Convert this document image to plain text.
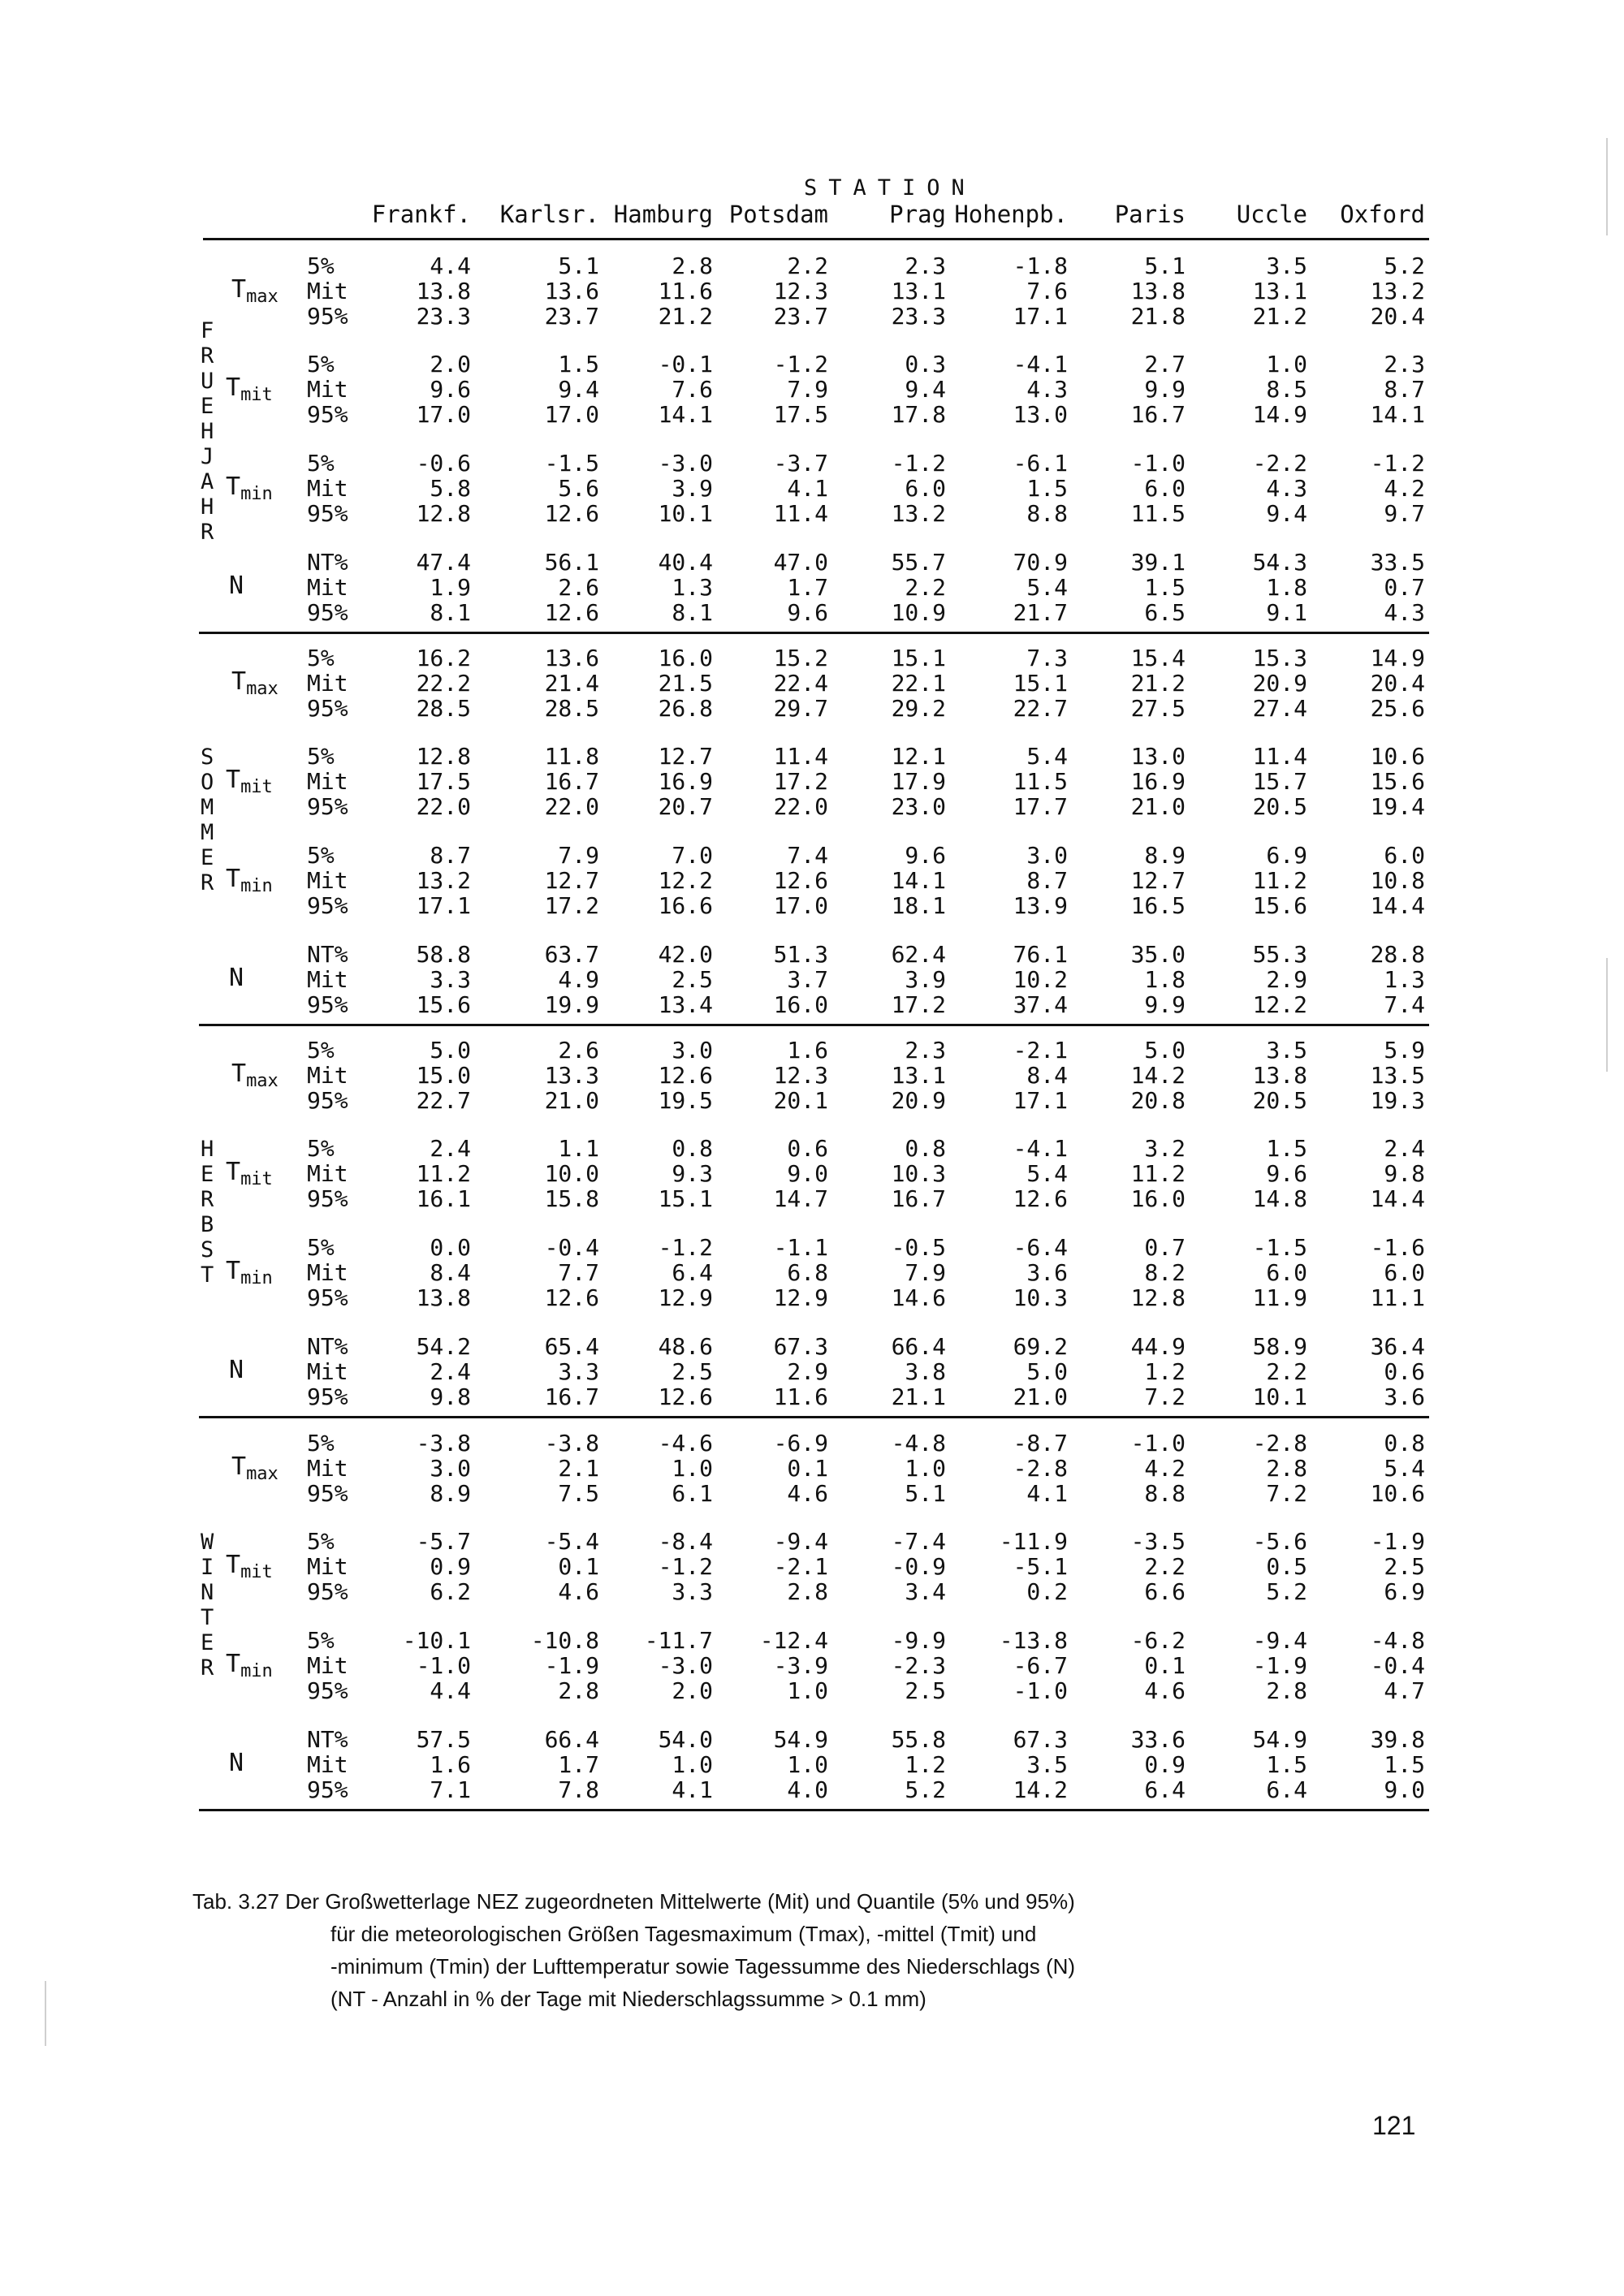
STATION
Frankf.	Karlsr. Hamburg Potsdam	Prag Hohenpb.	Paris	Uccle	Oxford
F
R
U
E
H
J
A
H
R
$T_{max}$
5%	4.4	5.1	2.8	2.2	2.3	-1.8	5.1	3.5	5.2
Mit	13.8	13.6	11.6	12.3	13.1	7.6	13.8	13.1	13.2
95%	23.3	23.7	21.2	23.7	23.3	17.1	21.8	21.2	20.4
$T_{mit}$
5%	2.0	1.5	-0.1	-1.2	0.3	-4.1	2.7	1.0	2.3
Mit	9.6	9.4	7.6	7.9	9.4	4.3	9.9	8.5	8.7
95%	17.0	17.0	14.1	17.5	17.8	13.0	16.7	14.9	14.1
$T_{min}$
5%	-0.6	-1.5	-3.0	-3.7	-1.2	-6.1	-1.0	-2.2	-1.2
Mit	5.8	5.6	3.9	4.1	6.0	1.5	6.0	4.3	4.2
95%	12.8	12.6	10.1	11.4	13.2	8.8	11.5	9.4	9.7
N
NT%	47.4	56.1	40.4	47.0	55.7	70.9	39.1	54.3	33.5
Mit	1.9	2.6	1.3	1.7	2.2	5.4	1.5	1.8	0.7
95%	8.1	12.6	8.1	9.6	10.9	21.7	6.5	9.1	4.3
S
O
M
M
E
R
$T_{max}$
5%	16.2	13.6	16.0	15.2	15.1	7.3	15.4	15.3	14.9
Mit	22.2	21.4	21.5	22.4	22.1	15.1	21.2	20.9	20.4
95%	28.5	28.5	26.8	29.7	29.2	22.7	27.5	27.4	25.6
$T_{mit}$
5%	12.8	11.8	12.7	11.4	12.1	5.4	13.0	11.4	10.6
Mit	17.5	16.7	16.9	17.2	17.9	11.5	16.9	15.7	15.6
95%	22.0	22.0	20.7	22.0	23.0	17.7	21.0	20.5	19.4
$T_{min}$
5%	8.7	7.9	7.0	7.4	9.6	3.0	8.9	6.9	6.0
Mit	13.2	12.7	12.2	12.6	14.1	8.7	12.7	11.2	10.8
95%	17.1	17.2	16.6	17.0	18.1	13.9	16.5	15.6	14.4
N
NT%	58.8	63.7	42.0	51.3	62.4	76.1	35.0	55.3	28.8
Mit	3.3	4.9	2.5	3.7	3.9	10.2	1.8	2.9	1.3
95%	15.6	19.9	13.4	16.0	17.2	37.4	9.9	12.2	7.4
H
E
R
B
S
T
$T_{max}$
5%	5.0	2.6	3.0	1.6	2.3	-2.1	5.0	3.5	5.9
Mit	15.0	13.3	12.6	12.3	13.1	8.4	14.2	13.8	13.5
95%	22.7	21.0	19.5	20.1	20.9	17.1	20.8	20.5	19.3
$T_{mit}$
5%	2.4	1.1	0.8	0.6	0.8	-4.1	3.2	1.5	2.4
Mit	11.2	10.0	9.3	9.0	10.3	5.4	11.2	9.6	9.8
95%	16.1	15.8	15.1	14.7	16.7	12.6	16.0	14.8	14.4
$T_{min}$
5%	0.0	-0.4	-1.2	-1.1	-0.5	-6.4	0.7	-1.5	-1.6
Mit	8.4	7.7	6.4	6.8	7.9	3.6	8.2	6.0	6.0
95%	13.8	12.6	12.9	12.9	14.6	10.3	12.8	11.9	11.1
N
NT%	54.2	65.4	48.6	67.3	66.4	69.2	44.9	58.9	36.4
Mit	2.4	3.3	2.5	2.9	3.8	5.0	1.2	2.2	0.6
95%	9.8	16.7	12.6	11.6	21.1	21.0	7.2	10.1	3.6
W
I
N
T
E
R
$T_{max}$
5%	-3.8	-3.8	-4.6	-6.9	-4.8	-8.7	-1.0	-2.8	0.8
Mit	3.0	2.1	1.0	0.1	1.0	-2.8	4.2	2.8	5.4
95%	8.9	7.5	6.1	4.6	5.1	4.1	8.8	7.2	10.6
$T_{mit}$
5%	-5.7	-5.4	-8.4	-9.4	-7.4	-11.9	-3.5	-5.6	-1.9
Mit	0.9	0.1	-1.2	-2.1	-0.9	-5.1	2.2	0.5	2.5
95%	6.2	4.6	3.3	2.8	3.4	0.2	6.6	5.2	6.9
$T_{min}$
5%	-10.1	-10.8	-11.7	-12.4	-9.9	-13.8	-6.2	-9.4	-4.8
Mit	-1.0	-1.9	-3.0	-3.9	-2.3	-6.7	0.1	-1.9	-0.4
95%	4.4	2.8	2.0	1.0	2.5	-1.0	4.6	2.8	4.7
N
NT%	57.5	66.4	54.0	54.9	55.8	67.3	33.6	54.9	39.8
Mit	1.6	1.7	1.0	1.0	1.2	3.5	0.9	1.5	1.5
95%	7.1	7.8	4.1	4.0	5.2	14.2	6.4	6.4	9.0
Tab. 3.27 Der Großwetterlage NEZ zugeordneten Mittelwerte (Mit) und Quantile (5% und 95%)
für die meteorologischen Größen Tagesmaximum (Tmax), -mittel (Tmit) und
-minimum (Tmin) der Lufttemperatur sowie Tagessumme des Niederschlags (N)
(NT - Anzahl in % der Tage mit Niederschlagssumme > 0.1 mm)
121
